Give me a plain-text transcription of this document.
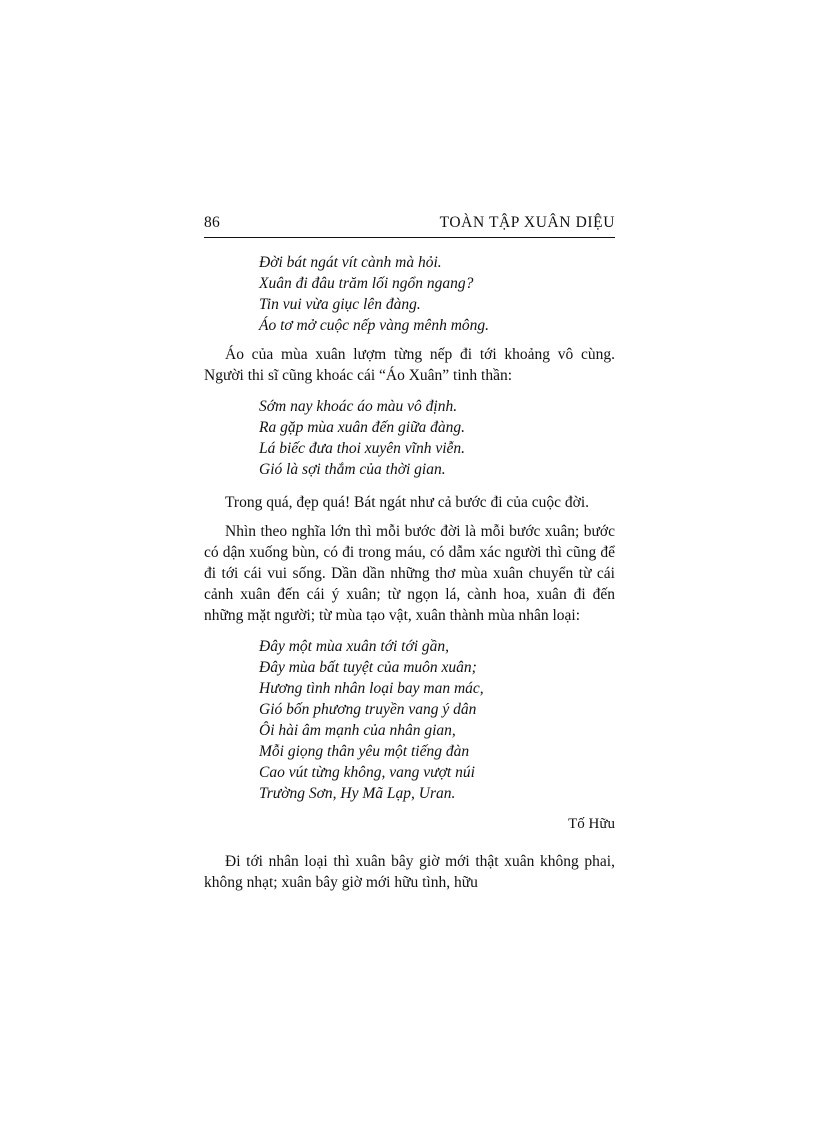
86	TOÀN TẬP XUÂN DIỆU
Đời bát ngát vít cành mà hỏi.
Xuân đi đâu trăm lối ngổn ngang?
Tin vui vừa giục lên đàng.
Áo tơ mở cuộc nếp vàng mênh mông.

Áo của mùa xuân lượm từng nếp đi tới khoảng vô cùng. Người thi sĩ cũng khoác cái “Áo Xuân” tinh thần:

Sớm nay khoác áo màu vô định.
Ra gặp mùa xuân đến giữa đàng.
Lá biếc đưa thoi xuyên vĩnh viễn.
Gió là sợi thắm của thời gian.

Trong quá, đẹp quá! Bát ngát như cả bước đi của cuộc đời.

Nhìn theo nghĩa lớn thì mỗi bước đời là mỗi bước xuân; bước có dận xuống bùn, có đi trong máu, có dẫm xác người thì cũng để đi tới cái vui sống. Dần dần những thơ mùa xuân chuyển từ cái cảnh xuân đến cái ý xuân; từ ngọn lá, cành hoa, xuân đi đến những mặt người; từ mùa tạo vật, xuân thành mùa nhân loại:

Đây một mùa xuân tới tới gần,
Đây mùa bất tuyệt của muôn xuân;
Hương tình nhân loại bay man mác,
Gió bốn phương truyền vang ý dân
Ôi hài âm mạnh của nhân gian,
Mỗi giọng thân yêu một tiếng đàn
Cao vút từng không, vang vượt núi
Trường Sơn, Hy Mã Lạp, Uran.
Tố Hữu

Đi tới nhân loại thì xuân bây giờ mới thật xuân không phai, không nhạt; xuân bây giờ mới hữu tình, hữu
